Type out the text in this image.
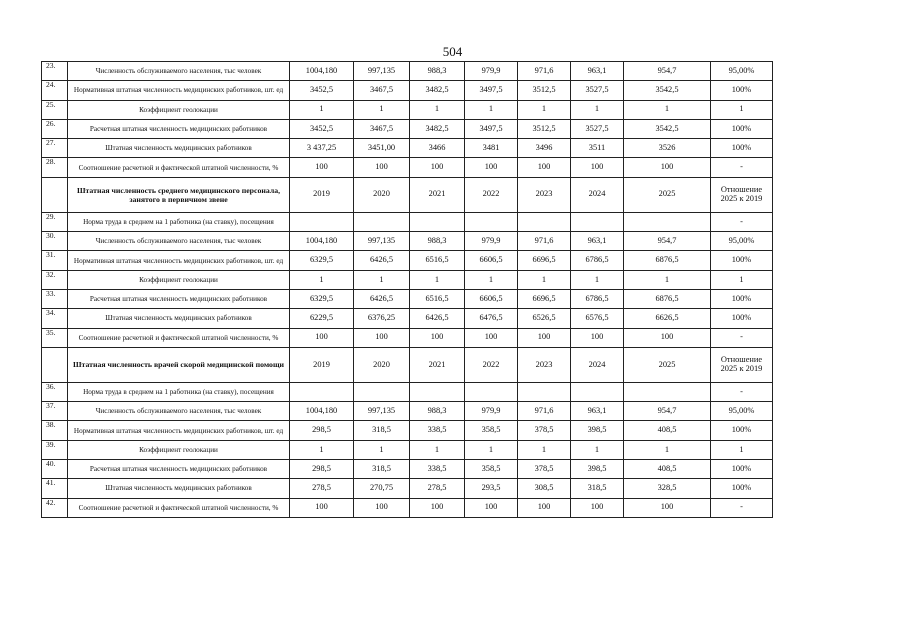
504
23.	Численность обслуживаемого населения, тыс человек	1004,180	997,135	988,3	979,9	971,6	963,1	954,7	95,00%
24.	Нормативная штатная численность медицинских работников, шт. ед	3452,5	3467,5	3482,5	3497,5	3512,5	3527,5	3542,5	100%
25.	Коэффициент геолокации	1	1	1	1	1	1	1	1
26.	Расчетная штатная численность медицинских работников	3452,5	3467,5	3482,5	3497,5	3512,5	3527,5	3542,5	100%
27.	Штатная численность медицинских работников	3 437,25	3451,00	3466	3481	3496	3511	3526	100%
28.	Соотношение расчетной и фактической штатной численности, %	100	100	100	100	100	100	100	-
	Штатная численность среднего медицинского персонала, занятого в первичном звене	2019	2020	2021	2022	2023	2024	2025	Отношение 2025 к 2019
29.	Норма труда в среднем на 1 работника (на ставку), посещения								-
30.	Численность обслуживаемого населения, тыс человек	1004,180	997,135	988,3	979,9	971,6	963,1	954,7	95,00%
31.	Нормативная штатная численность медицинских работников, шт. ед	6329,5	6426,5	6516,5	6606,5	6696,5	6786,5	6876,5	100%
32.	Коэффициент геолокации	1	1	1	1	1	1	1	1
33.	Расчетная штатная численность медицинских работников	6329,5	6426,5	6516,5	6606,5	6696,5	6786,5	6876,5	100%
34.	Штатная численность медицинских работников	6229,5	6376,25	6426,5	6476,5	6526,5	6576,5	6626,5	100%
35.	Соотношение расчетной и фактической штатной численности, %	100	100	100	100	100	100	100	-
	Штатная численность врачей скорой медицинской помощи	2019	2020	2021	2022	2023	2024	2025	Отношение 2025 к 2019
36.	Норма труда в среднем на 1 работника (на ставку), посещения								-
37.	Численность обслуживаемого населения, тыс человек	1004,180	997,135	988,3	979,9	971,6	963,1	954,7	95,00%
38.	Нормативная штатная численность медицинских работников, шт. ед	298,5	318,5	338,5	358,5	378,5	398,5	408,5	100%
39.	Коэффициент геолокации	1	1	1	1	1	1	1	1
40.	Расчетная штатная численность медицинских работников	298,5	318,5	338,5	358,5	378,5	398,5	408,5	100%
41.	Штатная численность медицинских работников	278,5	270,75	278,5	293,5	308,5	318,5	328,5	100%
42.	Соотношение расчетной и фактической штатной численности, %	100	100	100	100	100	100	100	-
